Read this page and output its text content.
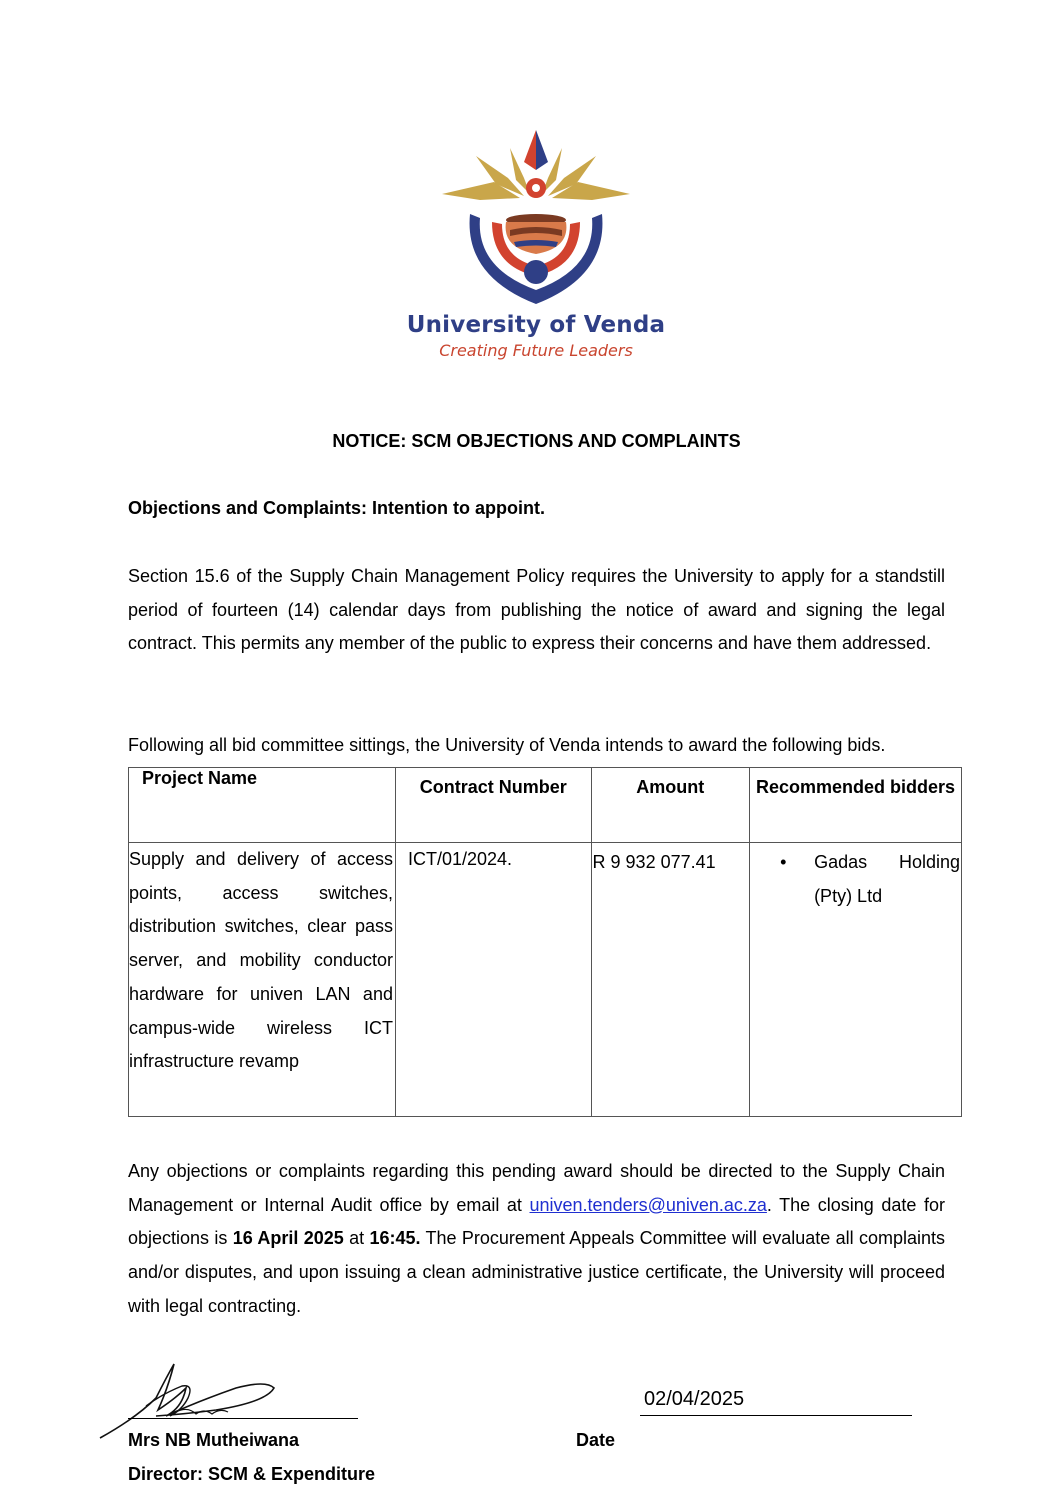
University of Venda
Creating Future Leaders
NOTICE: SCM OBJECTIONS AND COMPLAINTS
Objections and Complaints: Intention to appoint.
Section 15.6 of the Supply Chain Management Policy requires the University to apply for a standstill period of fourteen (14) calendar days from publishing the notice of award and signing the legal contract. This permits any member of the public to express their concerns and have them addressed.
Following all bid committee sittings, the University of Venda intends to award the following bids.
Project Name	Contract Number	Amount	Recommended bidders

Supply and delivery of access points, access switches, distribution switches, clear pass server, and mobility conductor hardware for univen LAN and campus-wide wireless ICT infrastructure revamp	ICT/01/2024.	R 9 932 077.41	• Gadas Holding (Pty) Ltd
Any objections or complaints regarding this pending award should be directed to the Supply Chain Management or Internal Audit office by email at univen.tenders@univen.ac.za. The closing date for objections is 16 April 2025 at 16:45. The Procurement Appeals Committee will evaluate all complaints and/or disputes, and upon issuing a clean administrative justice certificate, the University will proceed with legal contracting.
02/04/2025
Mrs NB Mutheiwana
Director: SCM & Expenditure
Date
